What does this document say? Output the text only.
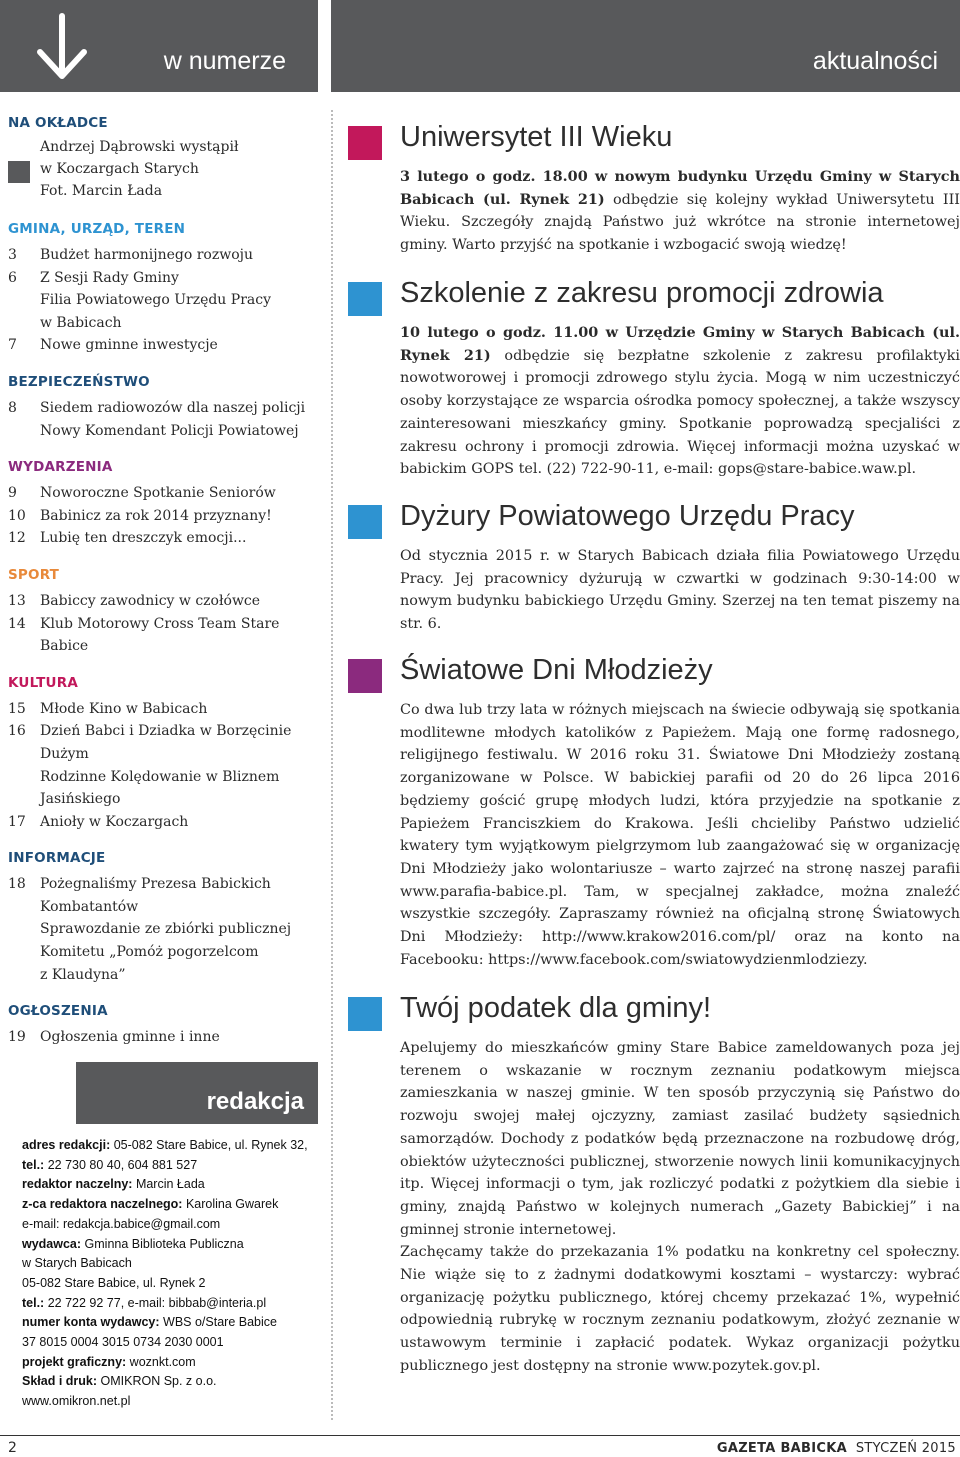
w numerze	aktualności
NA OKŁADCE
Andrzej Dąbrowski wystąpił
w Koczargach Starych
Fot. Marcin Łada
GMINA, URZĄD, TEREN
3	Budżet harmonijnego rozwoju
6	Z Sesji Rady Gminy
Filia Powiatowego Urzędu Pracy
w Babicach
7	Nowe gminne inwestycje
BEZPIECZEŃSTWO
8	Siedem radiowozów dla naszej policji
Nowy Komendant Policji Powiatowej
WYDARZENIA
9	Noworoczne Spotkanie Seniorów
10	Babinicz za rok 2014 przyznany!
12	Lubię ten dreszczyk emocji...
SPORT
13	Babiccy zawodnicy w czołówce
14	Klub Motorowy Cross Team Stare
Babice
KULTURA
15	Młode Kino w Babicach
16	Dzień Babci i Dziadka w Borzęcinie
Dużym
Rodzinne Kolędowanie w Bliznem
Jasińskiego
17	Anioły w Koczargach
INFORMACJE
18	Pożegnaliśmy Prezesa Babickich
Kombatantów
Sprawozdanie ze zbiórki publicznej
Komitetu „Pomóż pogorzelcom
z Klaudyna”
OGŁOSZENIA
19	Ogłoszenia gminne i inne
redakcja
adres redakcji: 05-082 Stare Babice, ul. Rynek 32,
tel.: 22 730 80 40, 604 881 527
redaktor naczelny: Marcin Łada
z-ca redaktora naczelnego: Karolina Gwarek
e-mail: redakcja.babice@gmail.com
wydawca: Gminna Biblioteka Publiczna
w Starych Babicach
05-082 Stare Babice, ul. Rynek 2
tel.: 22 722 92 77, e-mail: bibbab@interia.pl
numer konta wydawcy: WBS o/Stare Babice
37 8015 0004 3015 0734 2030 0001
projekt graficzny: woznkt.com
Skład i druk: OMIKRON Sp. z o.o.
www.omikron.net.pl
Uniwersytet III Wieku
3 lutego o godz. 18.00 w nowym budynku Urzędu Gminy w Starych Babicach (ul. Rynek 21) odbędzie się kolejny wykład Uniwersytetu III Wieku. Szczegóły znajdą Państwo już wkrótce na stronie internetowej gminy. Warto przyjść na spotkanie i wzbogacić swoją wiedzę!
Szkolenie z zakresu promocji zdrowia
10 lutego o godz. 11.00 w Urzędzie Gminy w Starych Babicach (ul. Rynek 21) odbędzie się bezpłatne szkolenie z zakresu profilaktyki nowotworowej i promocji zdrowego stylu życia. Mogą w nim uczestniczyć osoby korzystające ze wsparcia ośrodka pomocy społecznej, a także wszyscy zainteresowani mieszkańcy gminy. Spotkanie poprowadzą specjaliści z zakresu ochrony i promocji zdrowia. Więcej informacji można uzyskać w babickim GOPS tel. (22) 722-90-11, e-mail: gops@stare-babice.waw.pl.
Dyżury Powiatowego Urzędu Pracy
Od stycznia 2015 r. w Starych Babicach działa filia Powiatowego Urzędu Pracy. Jej pracownicy dyżurują w czwartki w godzinach 9:30-14:00 w nowym budynku babickiego Urzędu Gminy. Szerzej na ten temat piszemy na str. 6.
Światowe Dni Młodzieży
Co dwa lub trzy lata w różnych miejscach na świecie odbywają się spotkania modlitewne młodych katolików z Papieżem. Mają one formę radosnego, religijnego festiwalu. W 2016 roku 31. Światowe Dni Młodzieży zostaną zorganizowane w Polsce. W babickiej parafii od 20 do 26 lipca 2016 będziemy gościć grupę młodych ludzi, która przyjedzie na spotkanie z Papieżem Franciszkiem do Krakowa. Jeśli chcieliby Państwo udzielić kwatery tym wyjątkowym pielgrzymom lub zaangażować się w organizację Dni Młodzieży jako wolontariusze – warto zajrzeć na stronę naszej parafii www.parafia-babice.pl. Tam, w specjalnej zakładce, można znaleźć wszystkie szczegóły. Zapraszamy również na oficjalną stronę Światowych Dni Młodzieży: http://www.krakow2016.com/pl/ oraz na konto na Facebooku: https://www.facebook.com/swiatowydzienmlodziezy.
Twój podatek dla gminy!
Apelujemy do mieszkańców gminy Stare Babice zameldowanych poza jej terenem o wskazanie w rocznym zeznaniu podatkowym miejsca zamieszkania w naszej gminie. W ten sposób przyczynią się Państwo do rozwoju swojej małej ojczyzny, zamiast zasilać budżety sąsiednich samorządów. Dochody z podatków będą przeznaczone na rozbudowę dróg, obiektów użyteczności publicznej, stworzenie nowych linii komunikacyjnych itp. Więcej informacji o tym, jak rozliczyć podatki z pożytkiem dla siebie i gminy, znajdą Państwo w kolejnych numerach „Gazety Babickiej” i na gminnej stronie internetowej.
Zachęcamy także do przekazania 1% podatku na konkretny cel społeczny. Nie wiąże się to z żadnymi dodatkowymi kosztami – wystarczy: wybrać organizację pożytku publicznego, której chcemy przekazać 1%, wypełnić odpowiednią rubrykę w rocznym zeznaniu podatkowym, złożyć zeznanie w ustawowym terminie i zapłacić podatek. Wykaz organizacji pożytku publicznego jest dostępny na stronie www.pozytek.gov.pl.
2	GAZETA BABICKA STYCZEŃ 2015
